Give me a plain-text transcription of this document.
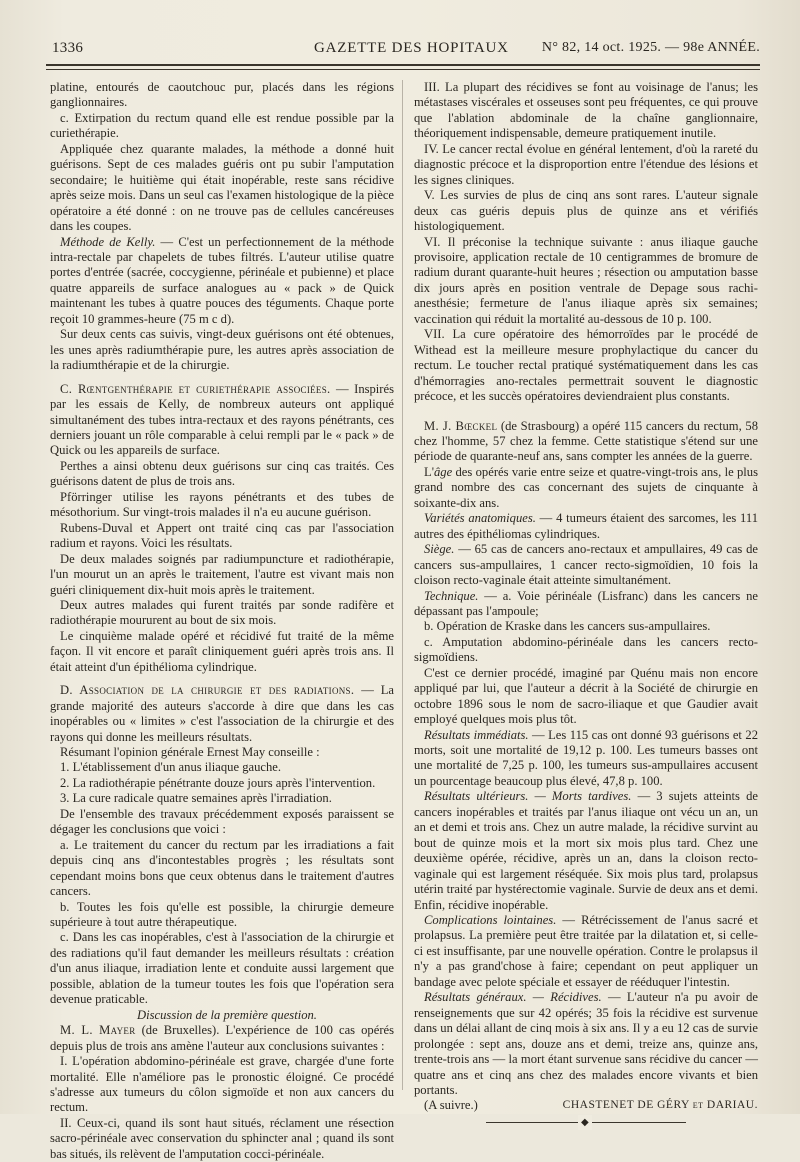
1336	GAZETTE DES HOPITAUX N° 82, 14 oct. 1925. — 98e ANNÉE.

platine, entourés de caoutchouc pur, placés dans les régions ganglionnaires.

c. Extirpation du rectum quand elle est rendue possible par la curiethérapie.

Appliquée chez quarante malades, la méthode a donné huit guérisons. Sept de ces malades guéris ont pu subir l'amputation secondaire; le huitième qui était inopérable, reste sans récidive après seize mois. Dans un seul cas l'examen histologique de la pièce opératoire a été donné : on ne trouve pas de cellules cancéreuses dans les coupes.

Méthode de Kelly. — C'est un perfectionnement de la méthode intra-rectale par chapelets de tubes filtrés. L'auteur utilise quatre portes d'entrée (sacrée, coccygienne, périnéale et pubienne) et place quatre appareils de surface analogues au « pack » de Quick maintenant les tubes à quatre pouces des téguments. Chaque porte reçoit 10 grammes-heure (75 m c d).

Sur deux cents cas suivis, vingt-deux guérisons ont été obtenues, les unes après radiumthérapie pure, les autres après association de la radiumthérapie et de la chirurgie.

C. Rœntgenthérapie et curiethérapie associées. — Inspirés par les essais de Kelly, de nombreux auteurs ont appliqué simultanément des tubes intra-rectaux et des rayons pénétrants, ces derniers jouant un rôle comparable à celui rempli par le « pack » de Quick ou les appareils de surface.

Perthes a ainsi obtenu deux guérisons sur cinq cas traités. Ces guérisons datent de plus de trois ans.

Pförringer utilise les rayons pénétrants et des tubes de mésothorium. Sur vingt-trois malades il n'a eu aucune guérison.

Rubens-Duval et Appert ont traité cinq cas par l'association radium et rayons. Voici les résultats.

De deux malades soignés par radiumpuncture et radiothérapie, l'un mourut un an après le traitement, l'autre est vivant mais non guéri cliniquement dix-huit mois après le traitement.

Deux autres malades qui furent traités par sonde radifère et radiothérapie moururent au bout de six mois.

Le cinquième malade opéré et récidivé fut traité de la même façon. Il vit encore et paraît cliniquement guéri après trois ans. Il était atteint d'un épithélioma cylindrique.

D. Association de la chirurgie et des radiations. — La grande majorité des auteurs s'accorde à dire que dans les cas inopérables ou « limites » c'est l'association de la chirurgie et des rayons qui donne les meilleurs résultats.

Résumant l'opinion générale Ernest May conseille :

1. L'établissement d'un anus iliaque gauche.

2. La radiothérapie pénétrante douze jours après l'intervention.

3. La cure radicale quatre semaines après l'irradiation.

De l'ensemble des travaux précédemment exposés paraissent se dégager les conclusions que voici :

a. Le traitement du cancer du rectum par les irradiations a fait depuis cinq ans d'incontestables progrès ; les résultats sont cependant moins bons que ceux obtenus dans le traitement d'autres cancers.

b. Toutes les fois qu'elle est possible, la chirurgie demeure supérieure à tout autre thérapeutique.

c. Dans les cas inopérables, c'est à l'association de la chirurgie et des radiations qu'il faut demander les meilleurs résultats : création d'un anus iliaque, irradiation lente et conduite aussi largement que possible, ablation de la tumeur toutes les fois que l'opération sera devenue praticable.

Discussion de la première question.

M. L. Mayer (de Bruxelles). L'expérience de 100 cas opérés depuis plus de trois ans amène l'auteur aux conclusions suivantes :

I. L'opération abdomino-périnéale est grave, chargée d'une forte mortalité. Elle n'améliore pas le pronostic éloigné. Ce procédé s'adresse aux tumeurs du côlon sigmoïde et non aux cancers du rectum.

II. Ceux-ci, quand ils sont haut situés, réclament une résection sacro-périnéale avec conservation du sphincter anal ; quand ils sont bas situés, ils relèvent de l'amputation cocci-périnéale.

III. La plupart des récidives se font au voisinage de l'anus; les métastases viscérales et osseuses sont peu fréquentes, ce qui prouve que l'ablation abdominale de la chaîne ganglionnaire, théoriquement indispensable, demeure pratiquement inutile.

IV. Le cancer rectal évolue en général lentement, d'où la rareté du diagnostic précoce et la disproportion entre l'étendue des lésions et les signes cliniques.

V. Les survies de plus de cinq ans sont rares. L'auteur signale deux cas guéris depuis plus de quinze ans et vérifiés histologiquement.

VI. Il préconise la technique suivante : anus iliaque gauche provisoire, application rectale de 10 centigrammes de bromure de radium durant quarante-huit heures ; résection ou amputation basse dix jours après en position ventrale de Depage sous rachi-anesthésie; fermeture de l'anus iliaque après six semaines; vaccination qui réduit la mortalité au-dessous de 10 p. 100.

VII. La cure opératoire des hémorroïdes par le procédé de Withead est la meilleure mesure prophylactique du cancer du rectum. Le toucher rectal pratiqué systématiquement dans les cas d'hémorragies ano-rectales permettrait souvent le diagnostic précoce, et les succès opératoires deviendraient plus constants.

M. J. Bœckel (de Strasbourg) a opéré 115 cancers du rectum, 58 chez l'homme, 57 chez la femme. Cette statistique s'étend sur une période de quarante-neuf ans, sans compter les années de la guerre.

L'âge des opérés varie entre seize et quatre-vingt-trois ans, le plus grand nombre des cas concernant des sujets de cinquante à soixante-dix ans.

Variétés anatomiques. — 4 tumeurs étaient des sarcomes, les 111 autres des épithéliomas cylindriques.

Siège. — 65 cas de cancers ano-rectaux et ampullaires, 49 cas de cancers sus-ampullaires, 1 cancer recto-sigmoïdien, 10 fois la cloison recto-vaginale était atteinte simultanément.

Technique. — a. Voie périnéale (Lisfranc) dans les cancers ne dépassant pas l'ampoule;

b. Opération de Kraske dans les cancers sus-ampullaires.

c. Amputation abdomino-périnéale dans les cancers recto-sigmoïdiens.

C'est ce dernier procédé, imaginé par Quénu mais non encore appliqué par lui, que l'auteur a décrit à la Société de chirurgie en octobre 1896 sous le nom de sacro-iliaque et que Gaudier avait employé quelques mois plus tôt.

Résultats immédiats. — Les 115 cas ont donné 93 guérisons et 22 morts, soit une mortalité de 19,12 p. 100. Les tumeurs basses ont une mortalité de 7,25 p. 100, les tumeurs sus-ampullaires accusent un pourcentage beaucoup plus élevé, 47,8 p. 100.

Résultats ultérieurs. — Morts tardives. — 3 sujets atteints de cancers inopérables et traités par l'anus iliaque ont vécu un an, un an et demi et trois ans. Chez un autre malade, la récidive survint au bout de quinze mois et la mort six mois plus tard. Chez une deuxième opérée, récidive, après un an, dans la cloison recto-vaginale qui est largement réséquée. Six mois plus tard, prolapsus utérin traité par hystérectomie vaginale. Survie de deux ans et demi. Enfin, récidive inopérable.

Complications lointaines. — Rétrécissement de l'anus sacré et prolapsus. La première peut être traitée par la dilatation et, si celle-ci est insuffisante, par une nouvelle opération. Contre le prolapsus il n'y a pas grand'chose à faire; cependant on peut appliquer un bandage avec pelote spéciale et essayer de rééduquer l'intestin.

Résultats généraux. — Récidives. — L'auteur n'a pu avoir de renseignements que sur 42 opérés; 35 fois la récidive est survenue dans un délai allant de cinq mois à six ans. Il y a eu 12 cas de survie prolongée : sept ans, douze ans et demi, treize ans, quinze ans, trente-trois ans — la mort étant survenue sans récidive du cancer — quatre ans et cinq ans chez des malades encore vivants et bien portants.

(A suivre.)	CHASTENET DE GÉRY et DARIAU.

◆
